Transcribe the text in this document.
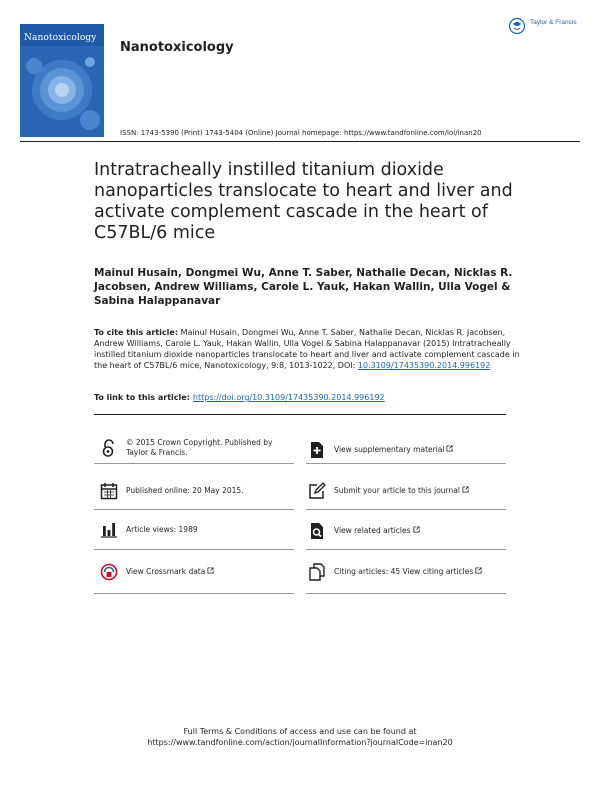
Nanotoxicology
Nanotoxicology
Taylor & Francis
ISSN: 1743-5390 (Print) 1743-5404 (Online) Journal homepage: https://www.tandfonline.com/loi/inan20
Intratracheally instilled titanium dioxide nanoparticles translocate to heart and liver and activate complement cascade in the heart of C57BL/6 mice
Mainul Husain, Dongmei Wu, Anne T. Saber, Nathalie Decan, Nicklas R. Jacobsen, Andrew Williams, Carole L. Yauk, Hakan Wallin, Ulla Vogel & Sabina Halappanavar
To cite this article: Mainul Husain, Dongmei Wu, Anne T. Saber, Nathalie Decan, Nicklas R. Jacobsen, Andrew Williams, Carole L. Yauk, Hakan Wallin, Ulla Vogel & Sabina Halappanavar (2015) Intratracheally instilled titanium dioxide nanoparticles translocate to heart and liver and activate complement cascade in the heart of C57BL/6 mice, Nanotoxicology, 9:8, 1013-1022, DOI: 10.3109/17435390.2014.996192
To link to this article: https://doi.org/10.3109/17435390.2014.996192
© 2015 Crown Copyright. Published by Taylor & Francis.	View supplementary material
Published online: 20 May 2015.	Submit your article to this journal
Article views: 1989	View related articles
View Crossmark data	Citing articles: 45 View citing articles
Full Terms & Conditions of access and use can be found at
https://www.tandfonline.com/action/journalInformation?journalCode=inan20
